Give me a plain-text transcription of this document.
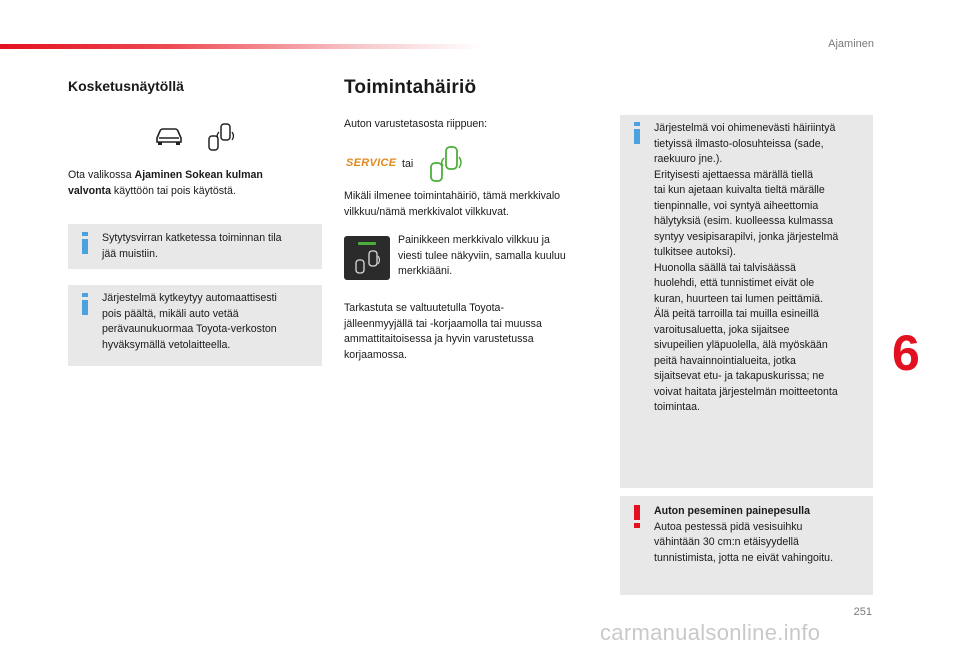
Ajaminen
Kosketusnäytöllä

Ota valikossa Ajaminen Sokean kulman
valvonta käyttöön tai pois käytöstä.

Sytytysvirran katketessa toiminnan tila
jää muistiin.
Järjestelmä kytkeytyy automaattisesti
pois päältä, mikäli auto vetää
perävaunukuormaa Toyota-verkoston
hyväksymällä vetolaitteella.
Toimintahäiriö

Auton varustetasosta riippuen:

SERVICE tai

Mikäli ilmenee toimintahäiriö, tämä merkkivalo
vilkkuu/nämä merkkivalot vilkkuvat.

Painikkeen merkkivalo vilkkuu ja
viesti tulee näkyviin, samalla kuuluu
merkkiääni.

Tarkastuta se valtuutetulla Toyota-
jälleenmyyjällä tai -korjaamolla tai muussa
ammattitaitoisessa ja hyvin varustetussa
korjaamossa.

Järjestelmä voi ohimenevästi häiriintyä
tietyissä ilmasto-olosuhteissa (sade,
raekuuro jne.).
Erityisesti ajettaessa märällä tiellä
tai kun ajetaan kuivalta tieltä märälle
tienpinnalle, voi syntyä aiheettomia
hälytyksiä (esim. kuolleessa kulmassa
syntyy vesipisarapilvi, jonka järjestelmä
tulkitsee autoksi).
Huonolla säällä tai talvisäässä
huolehdi, että tunnistimet eivät ole
kuran, huurteen tai lumen peittämiä.
Älä peitä tarroilla tai muilla esineillä
varoitusaluetta, joka sijaitsee
sivupeilien yläpuolella, älä myöskään
peitä havainnointialueita, jotka
sijaitsevat etu- ja takapuskurissa; ne
voivat haitata järjestelmän moitteetonta
toimintaa.
Auton peseminen painepesulla
Autoa pestessä pidä vesisuihku
vähintään 30 cm:n etäisyydellä
tunnistimista, jotta ne eivät vahingoitu.
6
251
carmanualsonline.info
